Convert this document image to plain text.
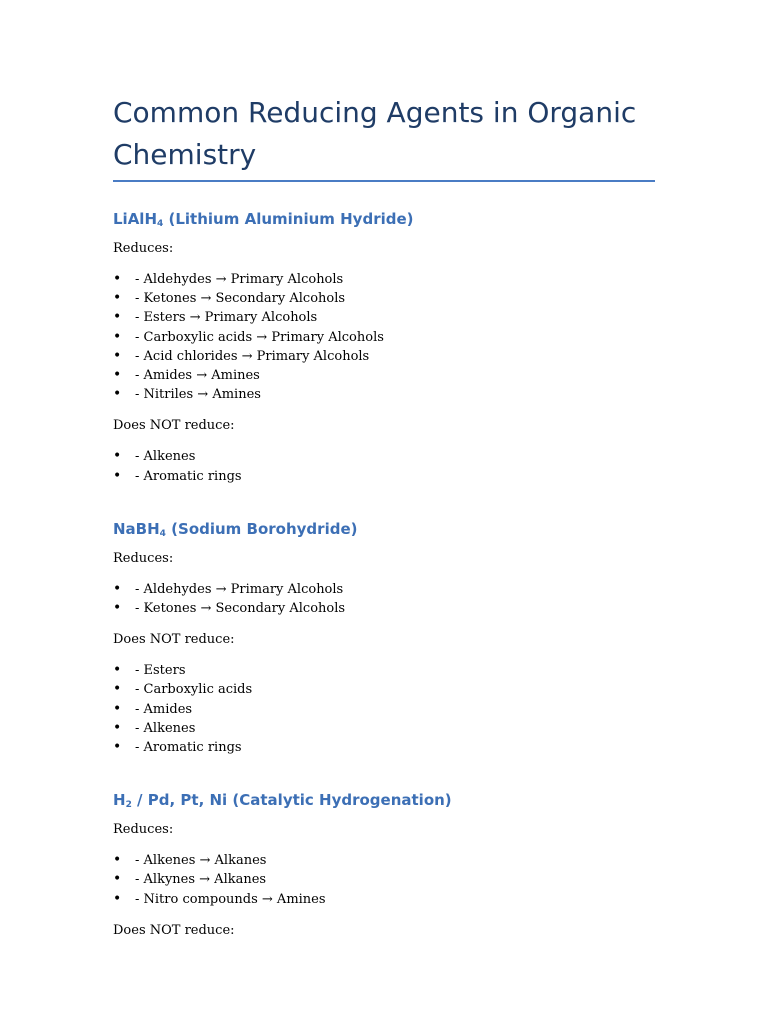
Common Reducing Agents in Organic
Chemistry
LiAlH$_4$ (Lithium Aluminium Hydride)

Reduces:

• - Aldehydes → Primary Alcohols
• - Ketones → Secondary Alcohols
• - Esters → Primary Alcohols
• - Carboxylic acids → Primary Alcohols
• - Acid chlorides → Primary Alcohols
• - Amides → Amines
• - Nitriles → Amines

Does NOT reduce:

• - Alkenes
• - Aromatic rings
NaBH$_4$ (Sodium Borohydride)

Reduces:

• - Aldehydes → Primary Alcohols
• - Ketones → Secondary Alcohols

Does NOT reduce:

• - Esters
• - Carboxylic acids
• - Amides
• - Alkenes
• - Aromatic rings
$H_2$ / Pd, Pt, Ni (Catalytic Hydrogenation)

Reduces:

• - Alkenes → Alkanes
• - Alkynes → Alkanes
• - Nitro compounds → Amines

Does NOT reduce:
